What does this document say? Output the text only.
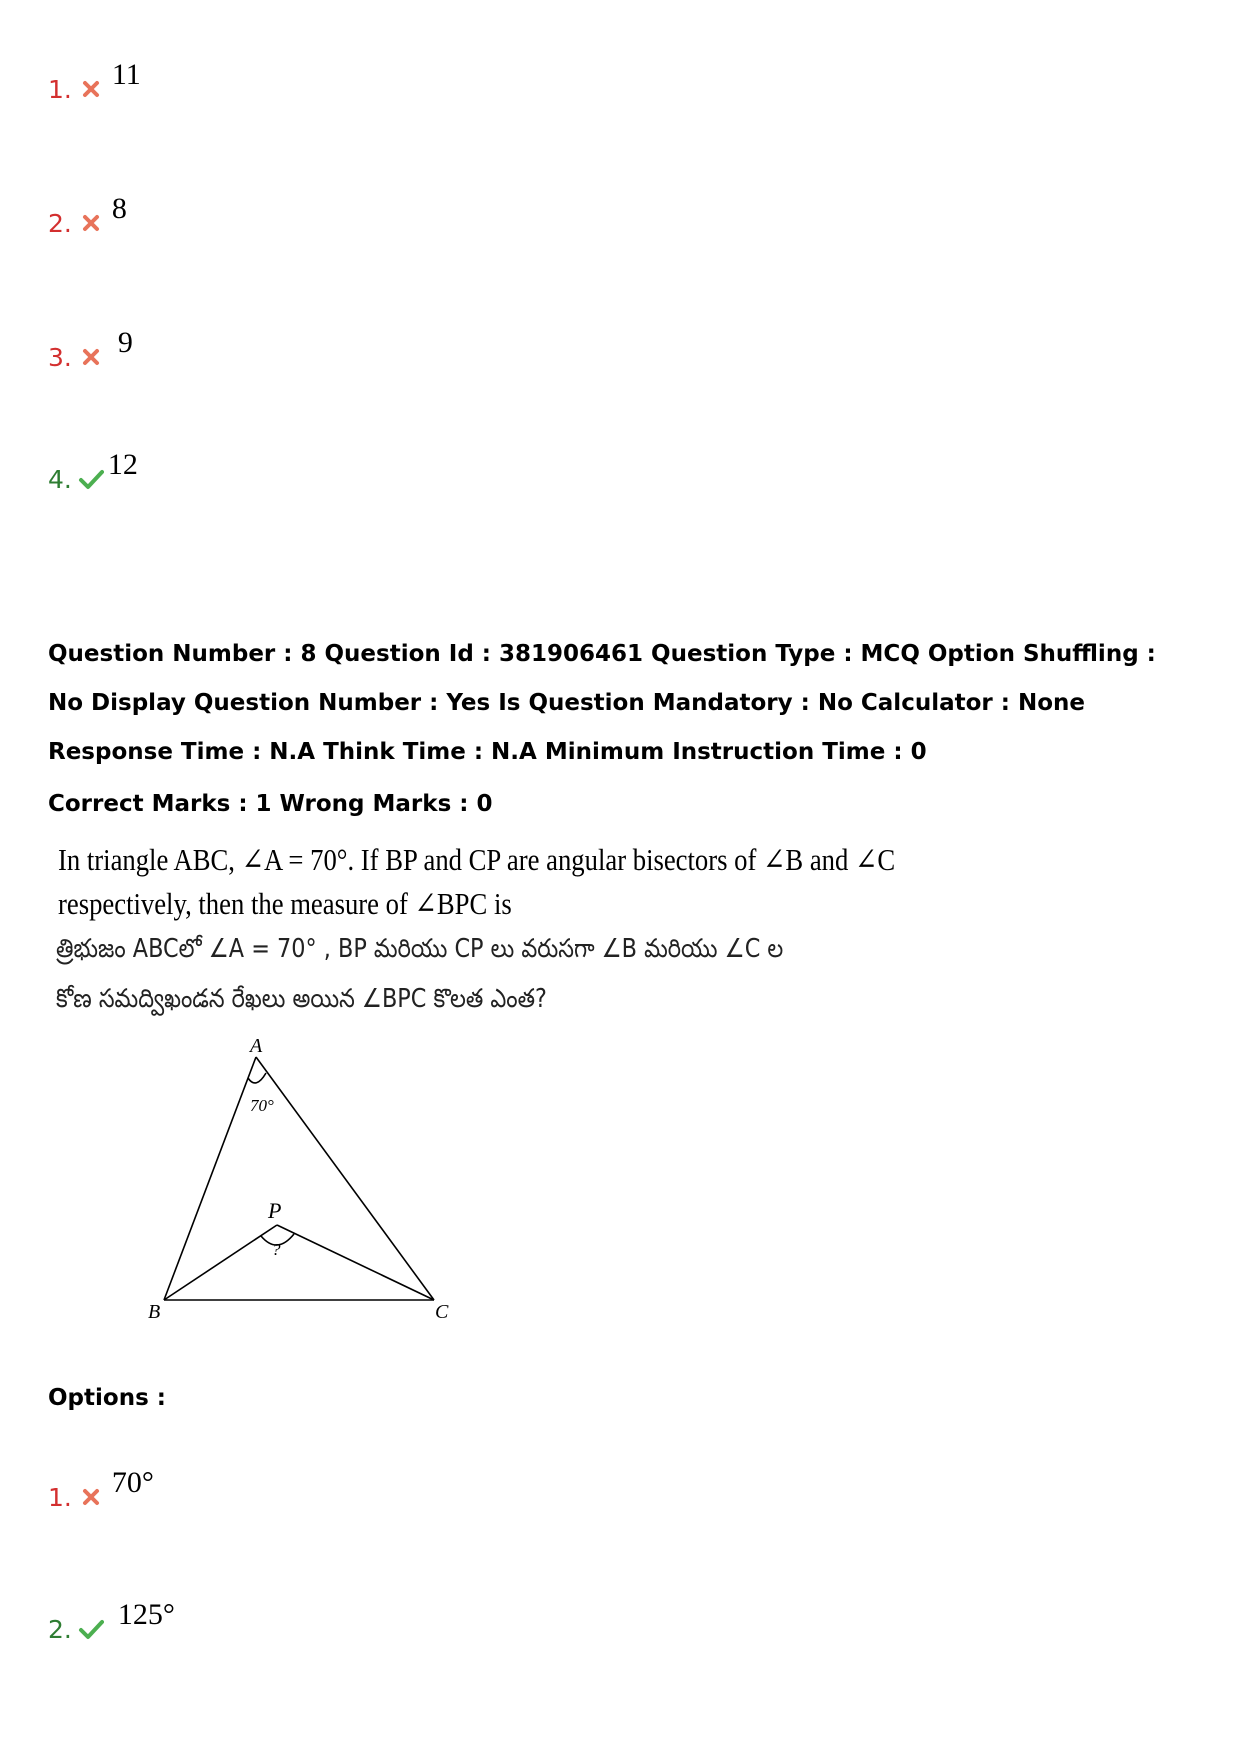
1. 11
2. 8
3. 9
4. 12
Question Number : 8 Question Id : 381906461 Question Type : MCQ Option Shuffling : No Display Question Number : Yes Is Question Mandatory : No Calculator : None Response Time : N.A Think Time : N.A Minimum Instruction Time : 0
Correct Marks : 1 Wrong Marks : 0
In triangle ABC, ∠A = 70°. If BP and CP are angular bisectors of ∠B and ∠C
respectively, then the measure of ∠BPC is
త్రిభుజం ABCలో ∠A = 70° , BP మరియు CP లు వరుసగా ∠B మరియు ∠C ల
కోణ సమద్విఖండన రేఖలు అయిన ∠BPC కొలత ఎంత?
A
B	C
P
70°
?
Options :
1. 70°
2. 125°
